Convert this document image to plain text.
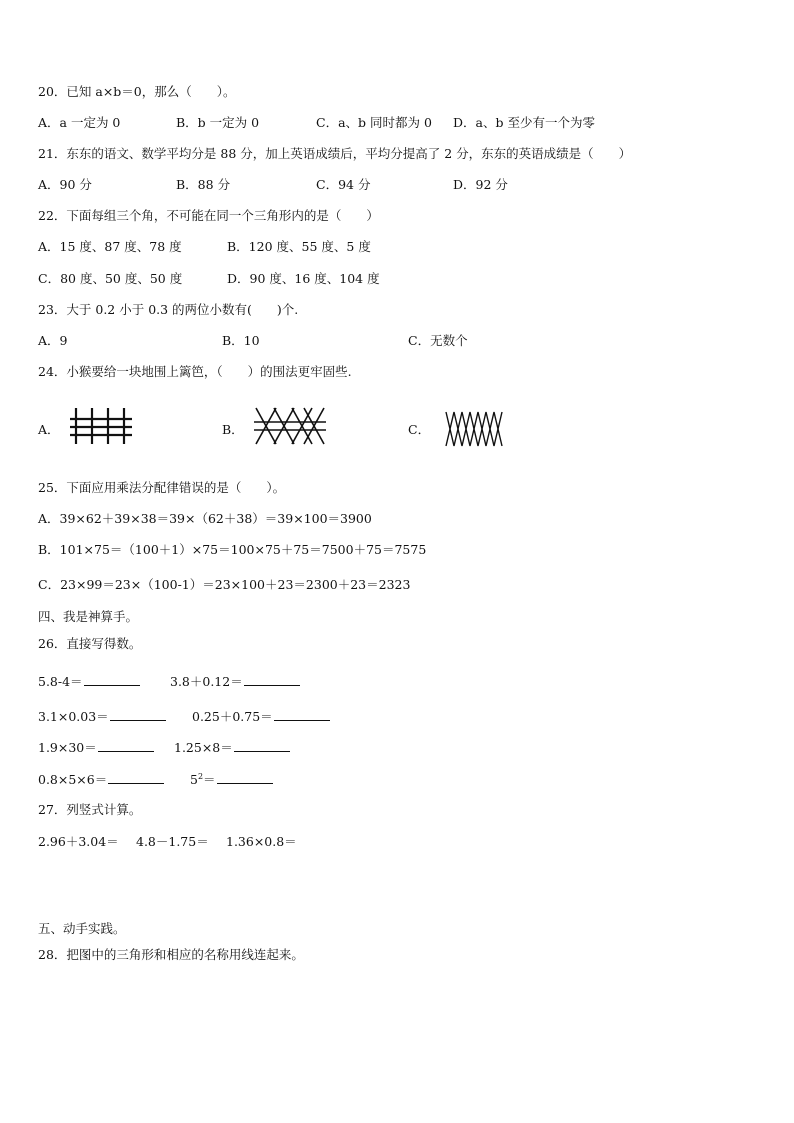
20．已知 a×b＝0，那么（　　）。
A．a 一定为 0	B．b 一定为 0	C．a、b 同时都为 0 D．a、b 至少有一个为零
21．东东的语文、数学平均分是 88 分，加上英语成绩后，平均分提高了 2 分，东东的英语成绩是（　　）
A．90 分	B．88 分	C．94 分	D．92 分
22．下面每组三个角，不可能在同一个三角形内的是（　　）
A．15 度、87 度、78 度	B．120 度、55 度、5 度
C．80 度、50 度、50 度	D．90 度、16 度、104 度
23．大于 0.2 小于 0.3 的两位小数有(　　)个.
A．9	B．10	C．无数个
24．小猴要给一块地围上篱笆，（　　）的围法更牢固些.
A．	B．	C．
25．下面应用乘法分配律错误的是（　　）。
A．39×62＋39×38＝39×（62＋38）＝39×100＝3900
B．101×75＝（100＋1）×75＝100×75＋75＝7500＋75＝7575
C．23×99＝23×（100-1）＝23×100＋23＝2300＋23＝2323
四、我是神算手。
26．直接写得数。
5.8-4＝	3.8＋0.12＝
3.1×0.03＝	0.25＋0.75＝
1.9×30＝	1.25×8＝
0.8×5×6＝	$5^2=$
27．列竖式计算。
2.96＋3.04＝ 4.8－1.75＝ 1.36×0.8＝
五、动手实践。
28．把图中的三角形和相应的名称用线连起来。
